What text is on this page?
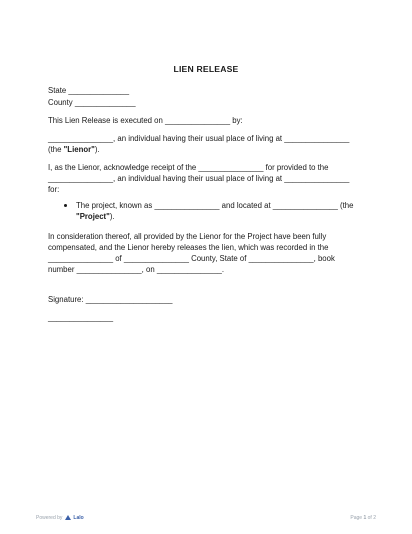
LIEN RELEASE
State ______________
County ______________
This Lien Release is executed on _______________ by:
_______________, an individual having their usual place of living at _______________
(the "Lienor").
I, as the Lienor, acknowledge receipt of the _______________ for provided to the
_______________, an individual having their usual place of living at _______________
for:
The project, known as _______________ and located at _______________ (the
"Project").
In consideration thereof, all provided by the Lienor for the Project have been fully
compensated, and the Lienor hereby releases the lien, which was recorded in the
_______________ of _______________ County, State of _______________, book
number _______________, on _______________.
Signature: ____________________
_______________
Powered by Lalo	Page 1 of 2
